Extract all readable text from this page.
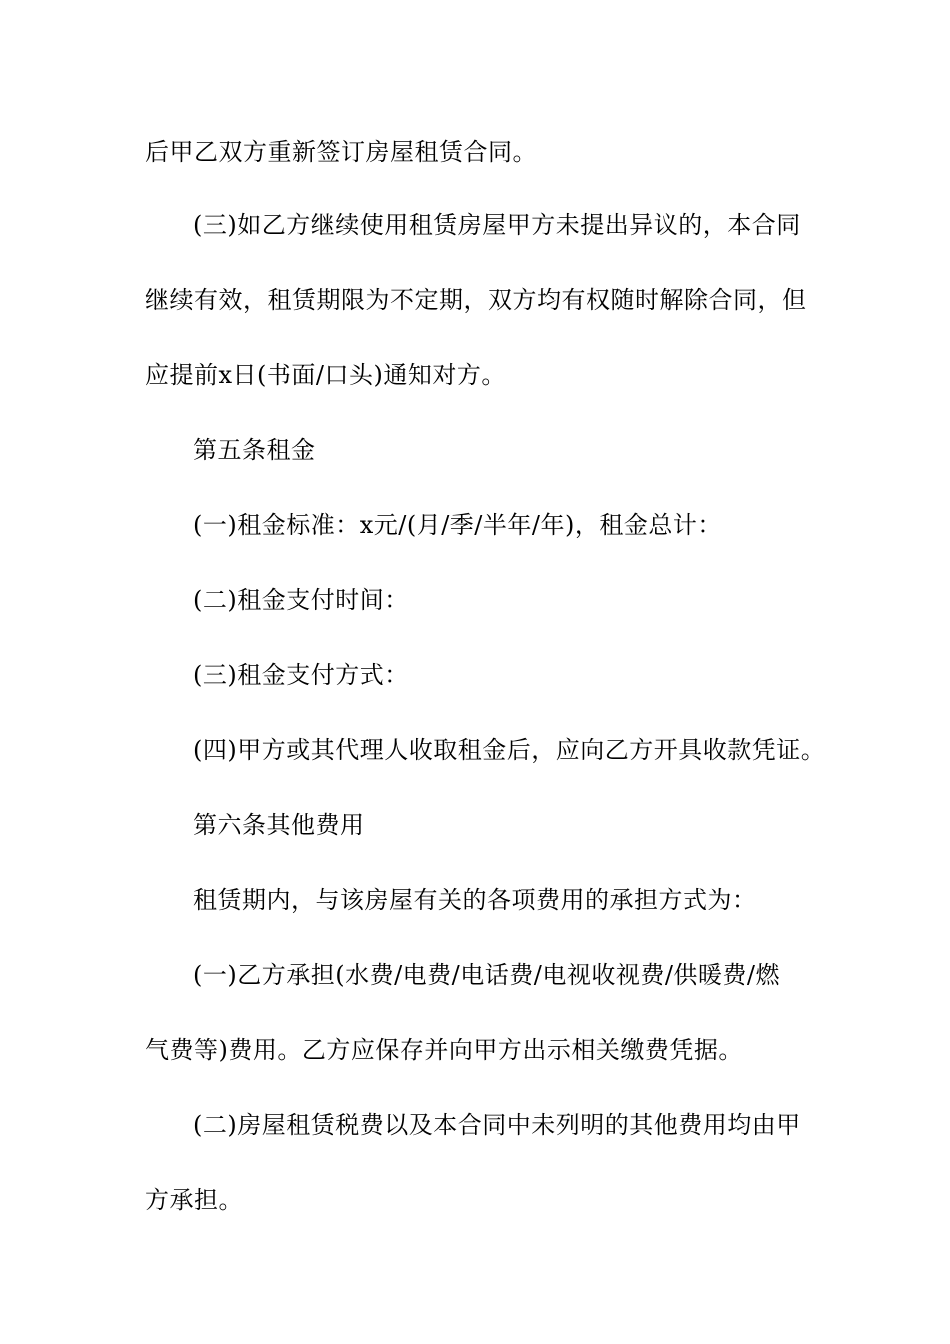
后甲乙双方重新签订房屋租赁合同。
(三)如乙方继续使用租赁房屋甲方未提出异议的，本合同
继续有效，租赁期限为不定期，双方均有权随时解除合同，但
应提前x日(书面/口头)通知对方。
第五条租金
(一)租金标准：x元/(月/季/半年/年)，租金总计：
(二)租金支付时间：
(三)租金支付方式：
(四)甲方或其代理人收取租金后，应向乙方开具收款凭证。
第六条其他费用
租赁期内，与该房屋有关的各项费用的承担方式为：
(一)乙方承担(水费/电费/电话费/电视收视费/供暖费/燃
气费等)费用。乙方应保存并向甲方出示相关缴费凭据。
(二)房屋租赁税费以及本合同中未列明的其他费用均由甲
方承担。
